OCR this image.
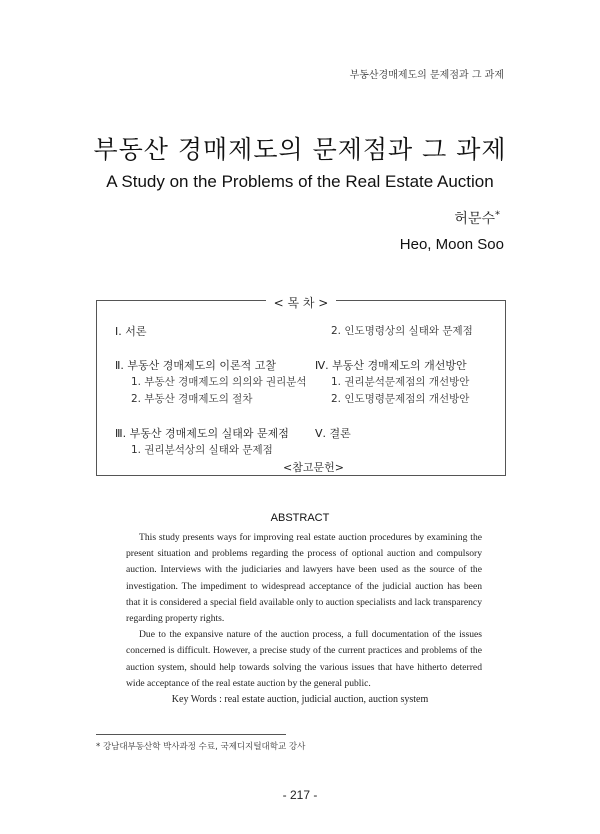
부동산경매제도의 문제점과 그 과제
부동산 경매제도의 문제점과 그 과제
A Study on the Problems of the Real Estate Auction
허문수*
Heo, Moon Soo
< 목 차 >
Ⅰ. 서론
Ⅱ. 부동산 경매제도의 이론적 고찰
1. 부동산 경매제도의 의의와 권리분석
2. 부동산 경매제도의 절차
Ⅲ. 부동산 경매제도의 실태와 문제점
1. 권리분석상의 실태와 문제점
2. 인도명령상의 실태와 문제점
Ⅳ. 부동산 경매제도의 개선방안
1. 권리분석문제점의 개선방안
2. 인도명령문제점의 개선방안
Ⅴ. 결론
<참고문헌>
ABSTRACT

This study presents ways for improving real estate auction procedures by examining the present situation and problems regarding the process of optional auction and compulsory auction. Interviews with the judiciaries and lawyers have been used as the source of the investigation. The impediment to widespread acceptance of the judicial auction has been that it is considered a special field available only to auction specialists and lack transparency regarding property rights.

Due to the expansive nature of the auction process, a full documentation of the issues concerned is difficult. However, a precise study of the current practices and problems of the auction system, should help towards solving the various issues that have hitherto deterred wide acceptance of the real estate auction by the general public.

Key Words : real estate auction, judicial auction, auction system
* 강남대부동산학 박사과정 수료, 국제디지털대학교 강사
- 217 -
